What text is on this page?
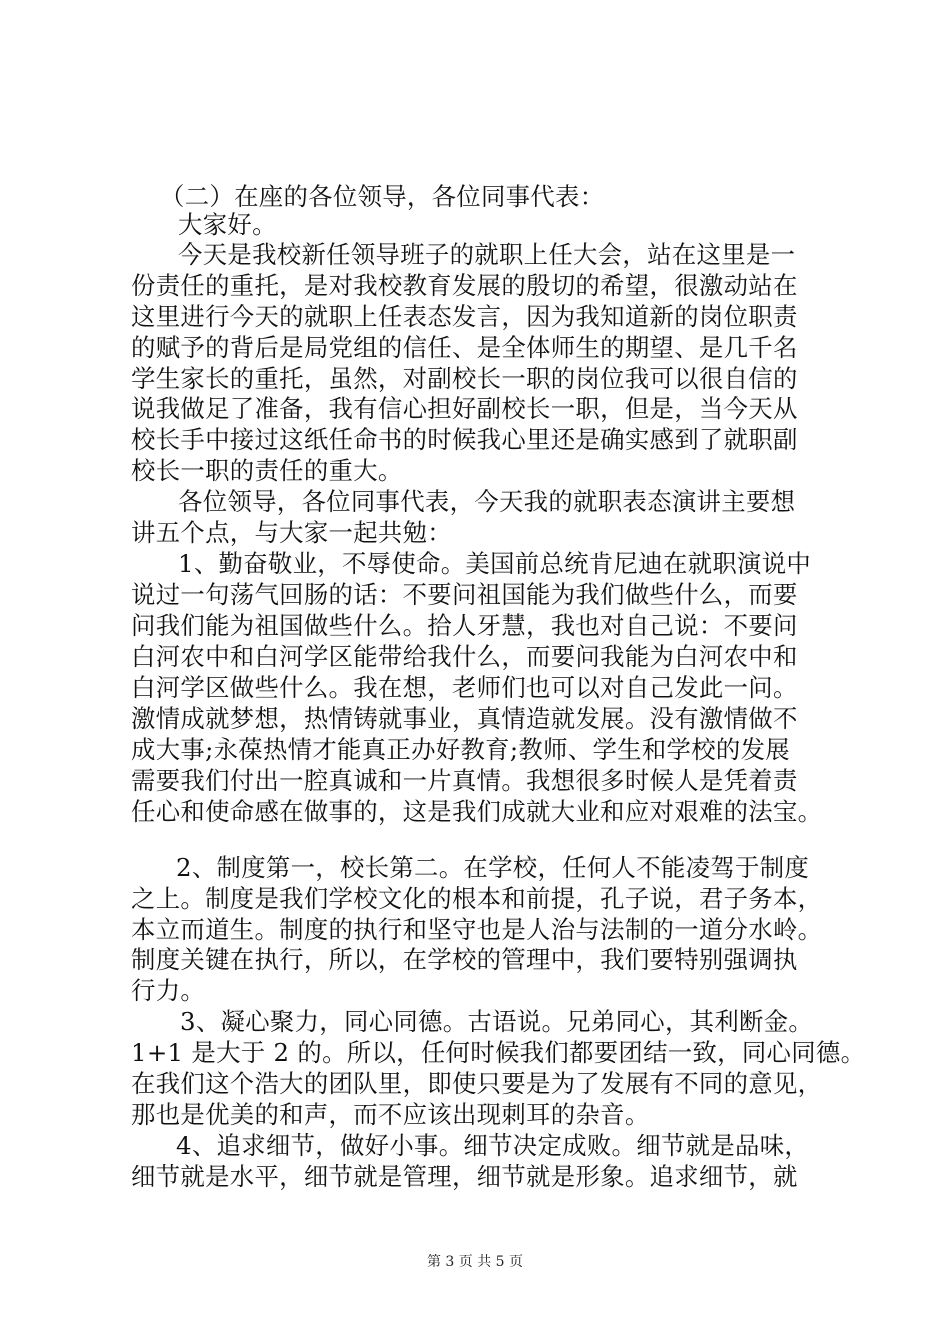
（二）在座的各位领导，各位同事代表：
大家好。
今天是我校新任领导班子的就职上任大会，站在这里是一
份责任的重托，是对我校教育发展的殷切的希望，很激动站在
这里进行今天的就职上任表态发言，因为我知道新的岗位职责
的赋予的背后是局党组的信任、是全体师生的期望、是几千名
学生家长的重托，虽然，对副校长一职的岗位我可以很自信的
说我做足了准备，我有信心担好副校长一职，但是，当今天从
校长手中接过这纸任命书的时候我心里还是确实感到了就职副
校长一职的责任的重大。
各位领导，各位同事代表，今天我的就职表态演讲主要想
讲五个点，与大家一起共勉：
1、勤奋敬业，不辱使命。美国前总统肯尼迪在就职演说中
说过一句荡气回肠的话：不要问祖国能为我们做些什么，而要
问我们能为祖国做些什么。拾人牙慧，我也对自己说：不要问
白河农中和白河学区能带给我什么，而要问我能为白河农中和
白河学区做些什么。我在想，老师们也可以对自己发此一问。
激情成就梦想，热情铸就事业，真情造就发展。没有激情做不
成大事;永葆热情才能真正办好教育;教师、学生和学校的发展
需要我们付出一腔真诚和一片真情。我想很多时候人是凭着责
任心和使命感在做事的，这是我们成就大业和应对艰难的法宝。
2、制度第一，校长第二。在学校，任何人不能凌驾于制度
之上。制度是我们学校文化的根本和前提，孔子说，君子务本，
本立而道生。制度的执行和坚守也是人治与法制的一道分水岭。
制度关键在执行，所以，在学校的管理中，我们要特别强调执
行力。
3、凝心聚力，同心同德。古语说。兄弟同心，其利断金。
1+1 是大于 2 的。所以，任何时候我们都要团结一致，同心同德。
在我们这个浩大的团队里，即使只要是为了发展有不同的意见，
那也是优美的和声，而不应该出现刺耳的杂音。
4、追求细节，做好小事。细节决定成败。细节就是品味，
细节就是水平，细节就是管理，细节就是形象。追求细节，就
第 3 页 共 5 页
